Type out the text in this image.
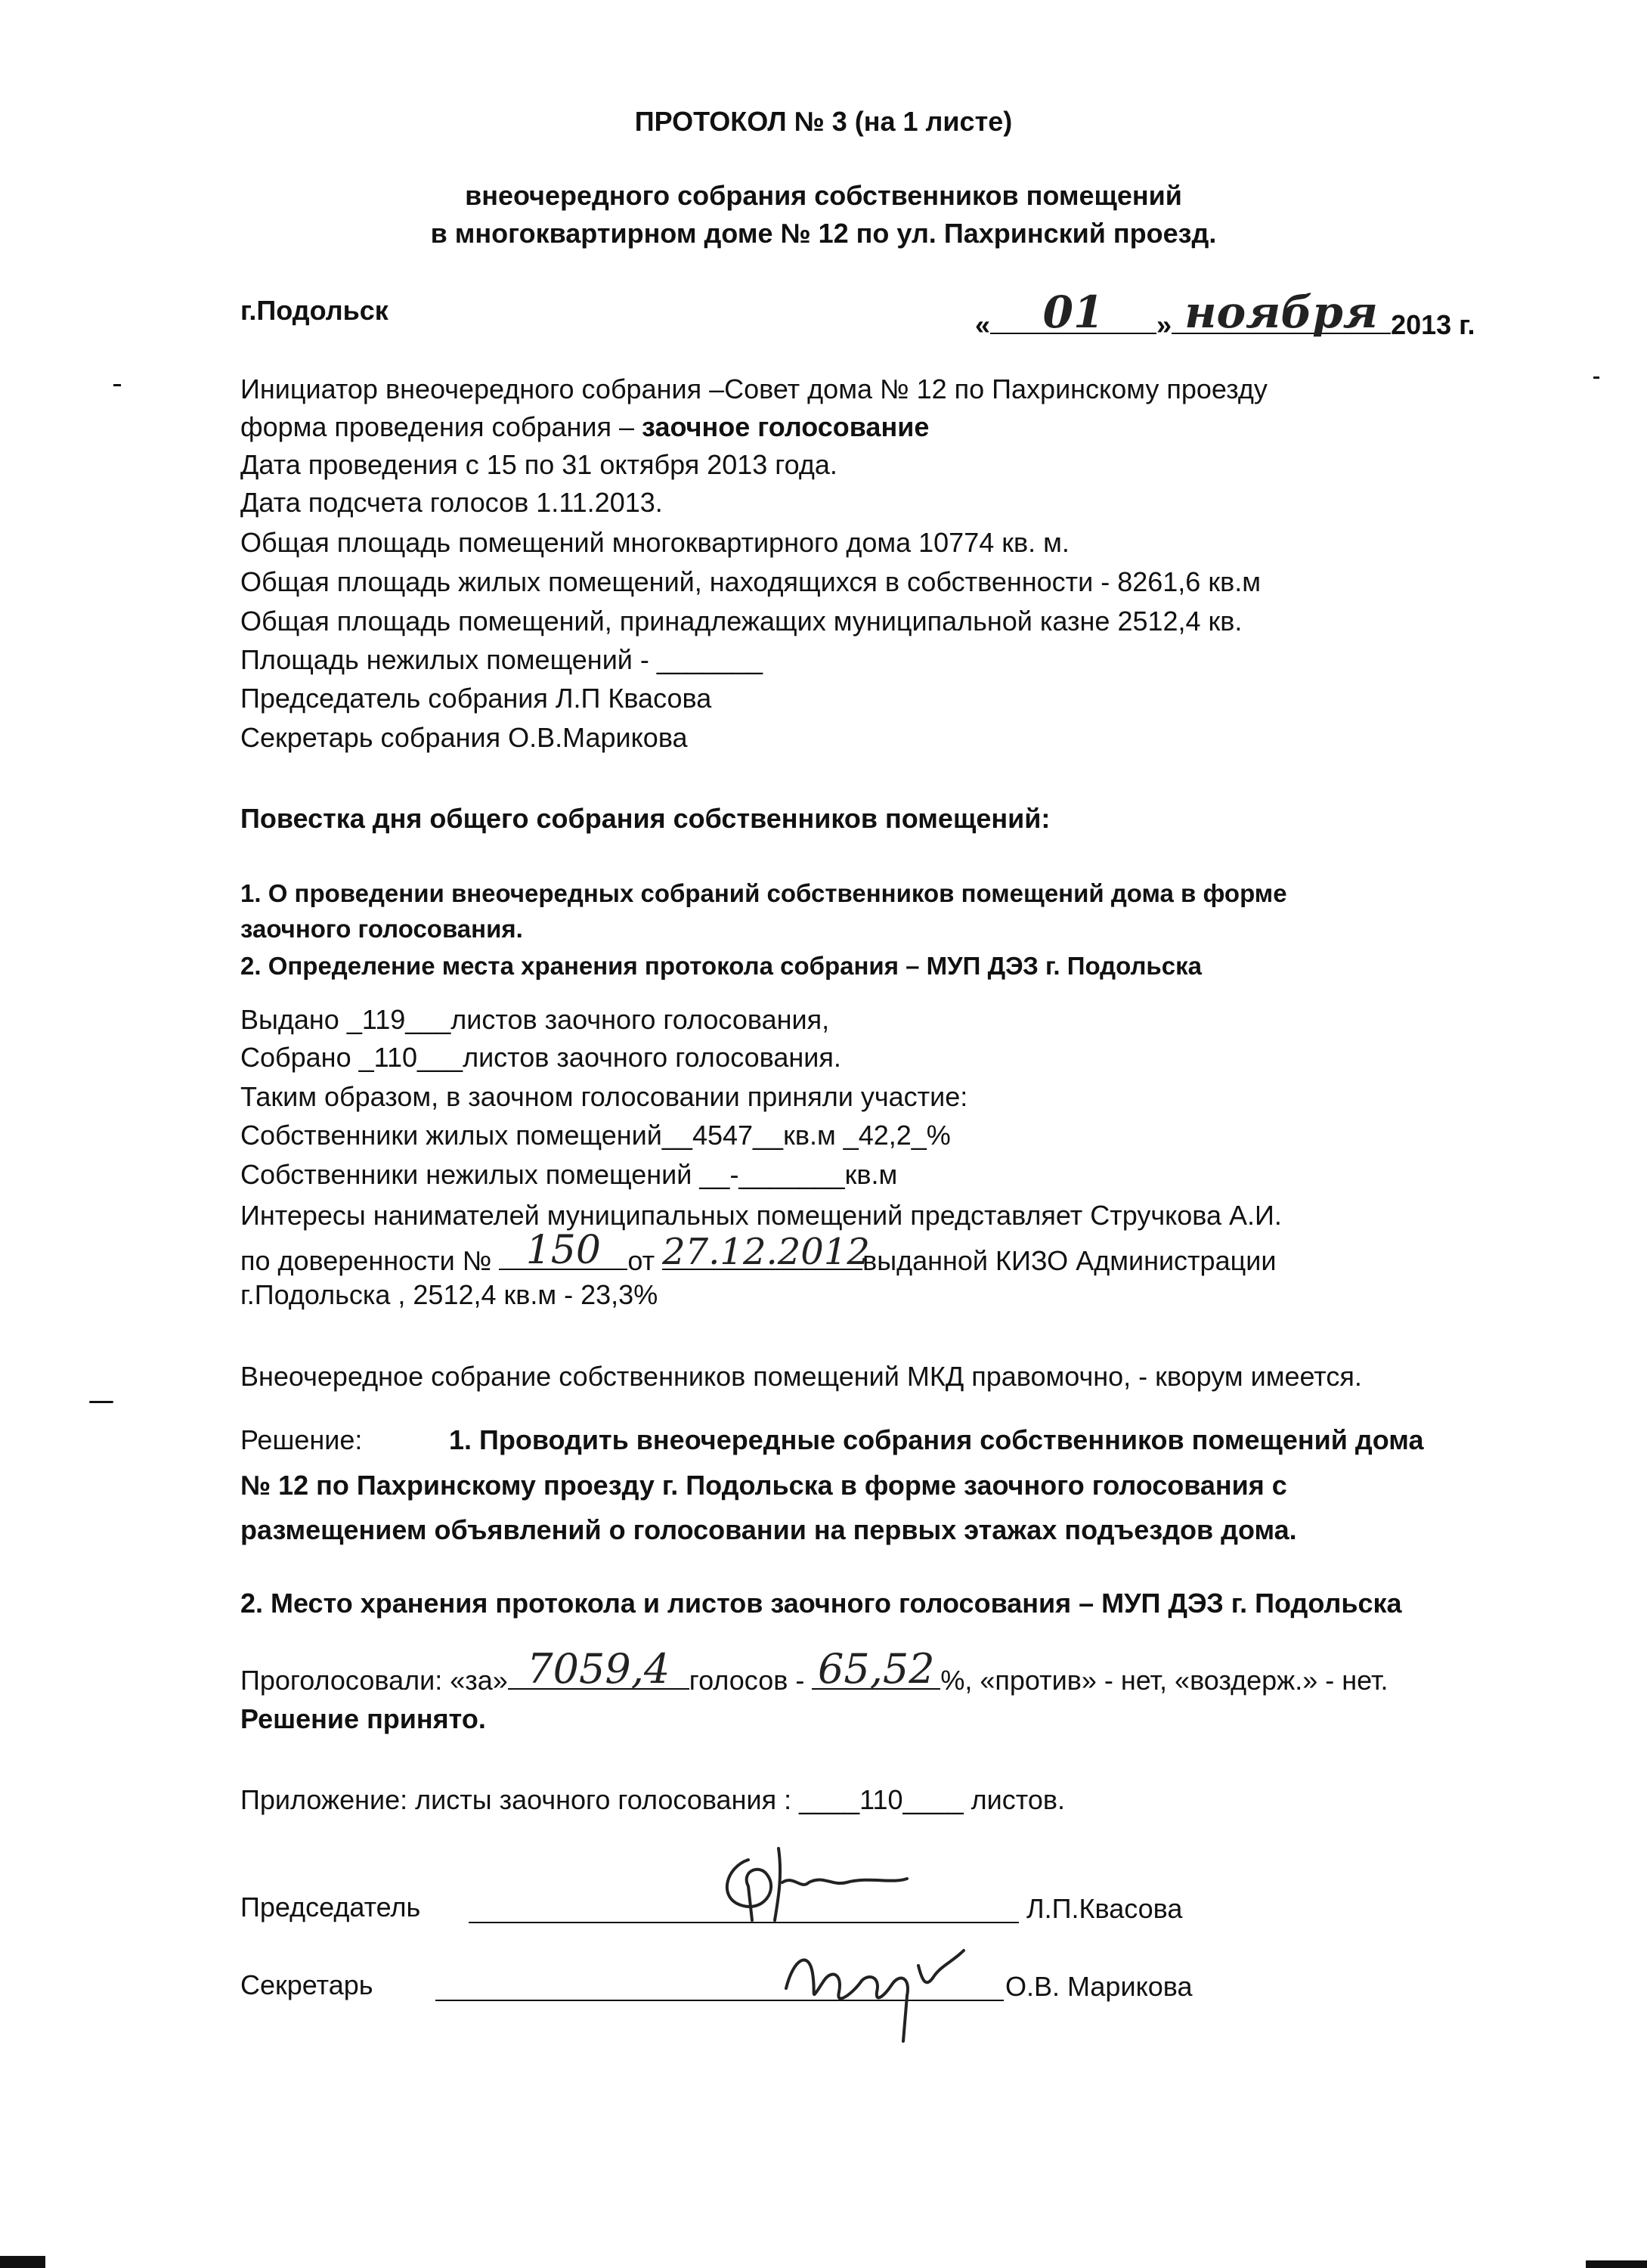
ПРОТОКОЛ № 3 (на 1 листе)
внеочередного собрания собственников помещений
в многоквартирном доме № 12 по ул. Пахринский проезд.
г.Подольск	«	01	» ноября 2013 г.
Инициатор внеочередного собрания –Совет дома № 12 по Пахринскому проезду
форма проведения собрания – заочное голосование
Дата проведения с 15 по 31 октября 2013 года.
Дата подсчета голосов 1.11.2013.
Общая площадь помещений многоквартирного дома 10774 кв. м.
Общая площадь жилых помещений, находящихся в собственности - 8261,6 кв.м
Общая площадь помещений, принадлежащих муниципальной казне 2512,4 кв.
Площадь нежилых помещений - _______
Председатель собрания Л.П Квасова
Секретарь собрания О.В.Марикова
Повестка дня общего собрания собственников помещений:
1. О проведении внеочередных собраний собственников помещений дома в форме
заочного голосования.
2. Определение места хранения протокола собрания – МУП ДЭЗ г. Подольска
Выдано _119___листов заочного голосования,
Собрано _110___листов заочного голосования.
Таким образом, в заочном голосовании приняли участие:
Собственники жилых помещений__4547__кв.м _42,2_%
Собственники нежилых помещений __-_______кв.м
Интересы нанимателей муниципальных помещений представляет Стручкова А.И.
по доверенности № 150 от 27.12.2012
выданной КИЗО Администрации
г.Подольска , 2512,4 кв.м - 23,3%
Внеочередное собрание собственников помещений МКД правомочно, - кворум имеется.
Решение:	1. Проводить внеочередные собрания собственников помещений дома
№ 12 по Пахринскому проезду г. Подольска в форме заочного голосования с
размещением объявлений о голосовании на первых этажах подъездов дома.
2. Место хранения протокола и листов заочного голосования – МУП ДЭЗ г. Подольска
Проголосовали: «за» 7059,4 голосов - 65,52 %, «против» - нет, «воздерж.» - нет.
Решение принято.
Приложение: листы заочного голосования : ____110____ листов.
Председатель	Л.П.Квасова
Секретарь	О.В. Марикова
